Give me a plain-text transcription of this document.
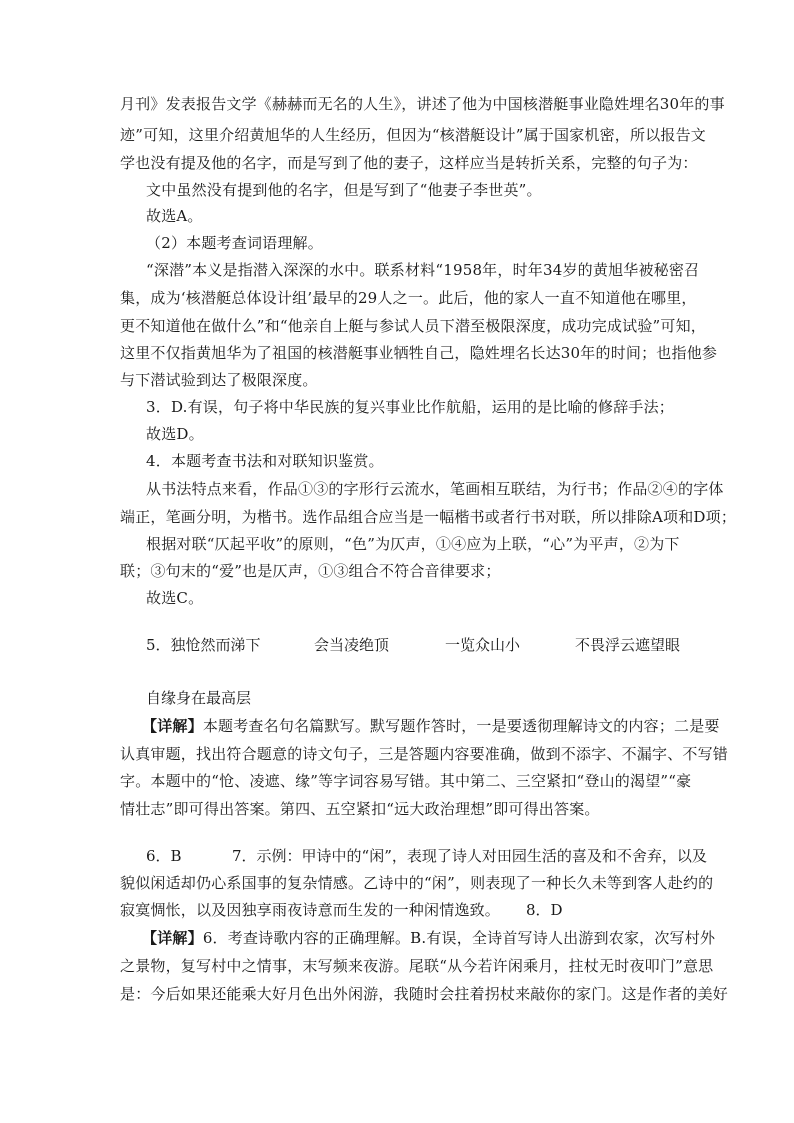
月刊》发表报告文学《赫赫而无名的人生》，讲述了他为中国核潜艇事业隐姓埋名30年的事
迹”可知，这里介绍黄旭华的人生经历，但因为“核潜艇设计”属于国家机密，所以报告文
学也没有提及他的名字，而是写到了他的妻子，这样应当是转折关系，完整的句子为：
文中虽然没有提到他的名字，但是写到了“他妻子李世英”。
故选A。
（2）本题考查词语理解。
“深潜”本义是指潜入深深的水中。联系材料“1958年，时年34岁的黄旭华被秘密召
集，成为‘核潜艇总体设计组’最早的29人之一。此后，他的家人一直不知道他在哪里，
更不知道他在做什么”和“他亲自上艇与参试人员下潜至极限深度，成功完成试验”可知，
这里不仅指黄旭华为了祖国的核潜艇事业牺牲自己，隐姓埋名长达30年的时间；也指他参
与下潜试验到达了极限深度。
3．D.有误，句子将中华民族的复兴事业比作航船，运用的是比喻的修辞手法；
故选D。
4．本题考查书法和对联知识鉴赏。
从书法特点来看，作品①③的字形行云流水，笔画相互联结，为行书；作品②④的字体
端正，笔画分明，为楷书。选作品组合应当是一幅楷书或者行书对联，所以排除A项和D项；
根据对联“仄起平收”的原则，“色”为仄声，①④应为上联，“心”为平声，②为下
联；③句末的“爱”也是仄声，①③组合不符合音律要求；
故选C。
5．独怆然而涕下	会当凌绝顶	一览众山小	不畏浮云遮望眼
自缘身在最高层
【详解】本题考查名句名篇默写。默写题作答时，一是要透彻理解诗文的内容；二是要
认真审题，找出符合题意的诗文句子，三是答题内容要准确，做到不添字、不漏字、不写错
字。本题中的“怆、凌遮、缘”等字词容易写错。其中第二、三空紧扣“登山的渴望”“豪
情壮志”即可得出答案。第四、五空紧扣“远大政治理想”即可得出答案。
6．B	7．示例：甲诗中的“闲”，表现了诗人对田园生活的喜及和不舍弃，以及
貌似闲适却仍心系国事的复杂情感。乙诗中的“闲”，则表现了一种长久未等到客人赴约的
寂寞惆怅，以及因独享雨夜诗意而生发的一种闲情逸致。	8．D
【详解】6．考查诗歌内容的正确理解。B.有误，全诗首写诗人出游到农家，次写村外
之景物，复写村中之情事，末写频来夜游。尾联“从今若许闲乘月，拄杖无时夜叩门”意思
是：今后如果还能乘大好月色出外闲游，我随时会拄着拐杖来敲你的家门。这是作者的美好
